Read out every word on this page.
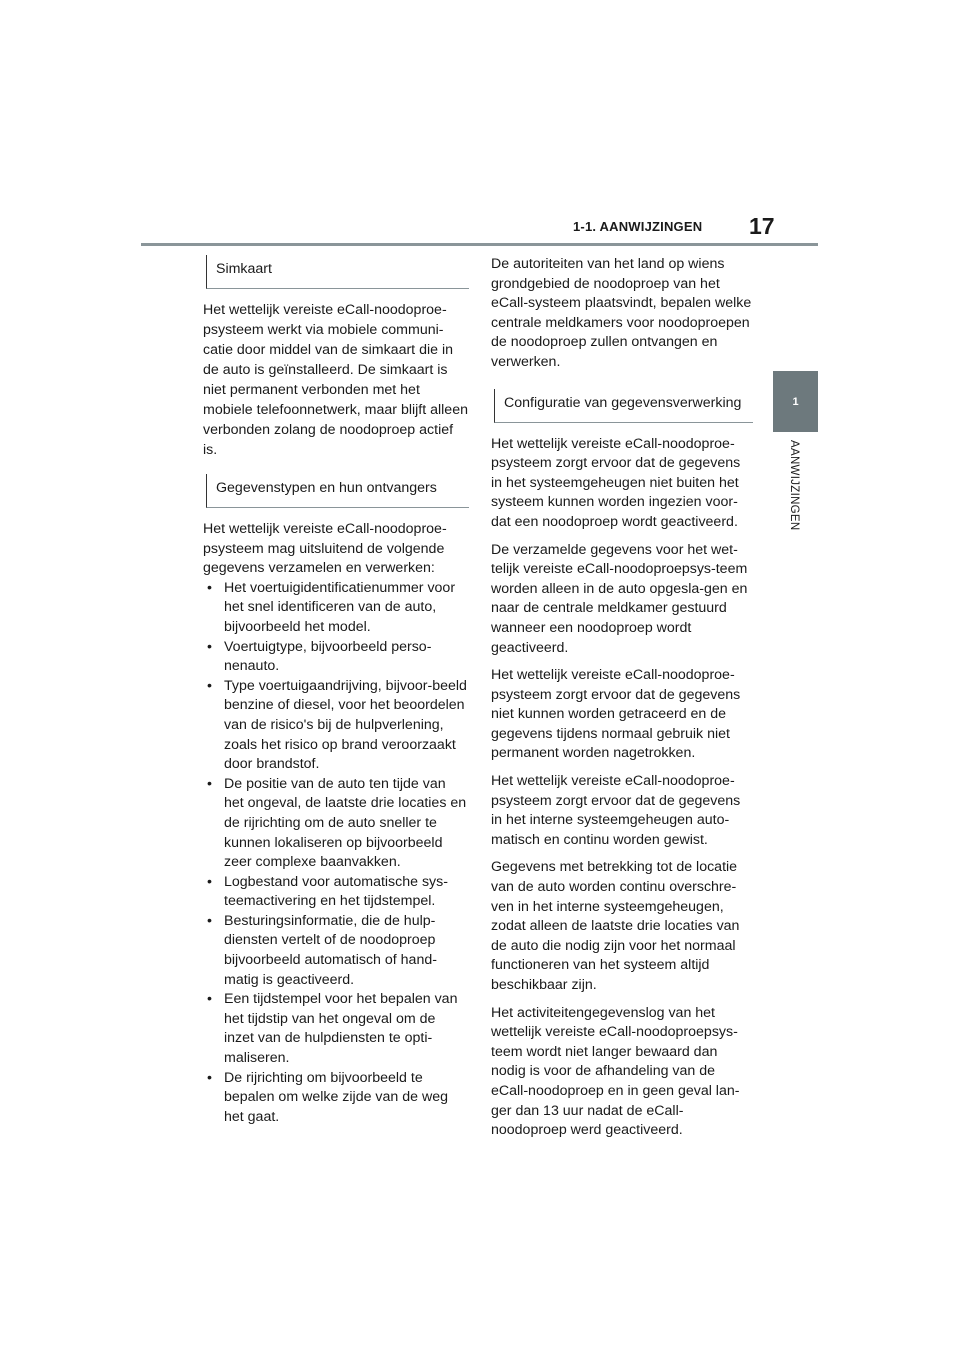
1-1. AANWIJZINGEN 17
1
AANWIJZINGEN
Simkaart

Het wettelijk vereiste eCall-noodoproe-psysteem werkt via mobiele communi-catie door middel van de simkaart die in de auto is geïnstalleerd. De simkaart is niet permanent verbonden met het mobiele telefoonnetwerk, maar blijft alleen verbonden zolang de noodoproep actief is.

Gegevenstypen en hun ontvangers

Het wettelijk vereiste eCall-noodoproe-psysteem mag uitsluitend de volgende gegevens verzamelen en verwerken:

• Het voertuigidentificatienummer voor het snel identificeren van de auto, bijvoorbeeld het model.
• Voertuigtype, bijvoorbeeld perso-nenauto.
• Type voertuigaandrijving, bijvoor-beeld benzine of diesel, voor het beoordelen van de risico's bij de hulpverlening, zoals het risico op brand veroorzaakt door brandstof.
• De positie van de auto ten tijde van het ongeval, de laatste drie locaties en de rijrichting om de auto sneller te kunnen lokaliseren op bijvoorbeeld zeer complexe baanvakken.
• Logbestand voor automatische sys-teemactivering en het tijdstempel.
• Besturingsinformatie, die de hulp-diensten vertelt of de noodoproep bijvoorbeeld automatisch of hand-matig is geactiveerd.
• Een tijdstempel voor het bepalen van het tijdstip van het ongeval om de inzet van de hulpdiensten te opti-maliseren.
• De rijrichting om bijvoorbeeld te bepalen om welke zijde van de weg het gaat.

De autoriteiten van het land op wiens grondgebied de noodoproep van het eCall-systeem plaatsvindt, bepalen welke centrale meldkamers voor noodoproepen de noodoproep zullen ontvangen en verwerken.

Configuratie van gegevensverwerking

Het wettelijk vereiste eCall-noodoproe-psysteem zorgt ervoor dat de gegevens in het systeemgeheugen niet buiten het systeem kunnen worden ingezien voor-dat een noodoproep wordt geactiveerd.

De verzamelde gegevens voor het wet-telijk vereiste eCall-noodoproepsys-teem worden alleen in de auto opgesla-gen en naar de centrale meldkamer gestuurd wanneer een noodoproep wordt geactiveerd.

Het wettelijk vereiste eCall-noodoproe-psysteem zorgt ervoor dat de gegevens niet kunnen worden getraceerd en de gegevens tijdens normaal gebruik niet permanent worden nagetrokken.

Het wettelijk vereiste eCall-noodoproe-psysteem zorgt ervoor dat de gegevens in het interne systeemgeheugen auto-matisch en continu worden gewist.

Gegevens met betrekking tot de locatie van de auto worden continu overschre-ven in het interne systeemgeheugen, zodat alleen de laatste drie locaties van de auto die nodig zijn voor het normaal functioneren van het systeem altijd beschikbaar zijn.

Het activiteitengegevenslog van het wettelijk vereiste eCall-noodoproepsys-teem wordt niet langer bewaard dan nodig is voor de afhandeling van de eCall-noodoproep en in geen geval lan-ger dan 13 uur nadat de eCall-noodoproep werd geactiveerd.
